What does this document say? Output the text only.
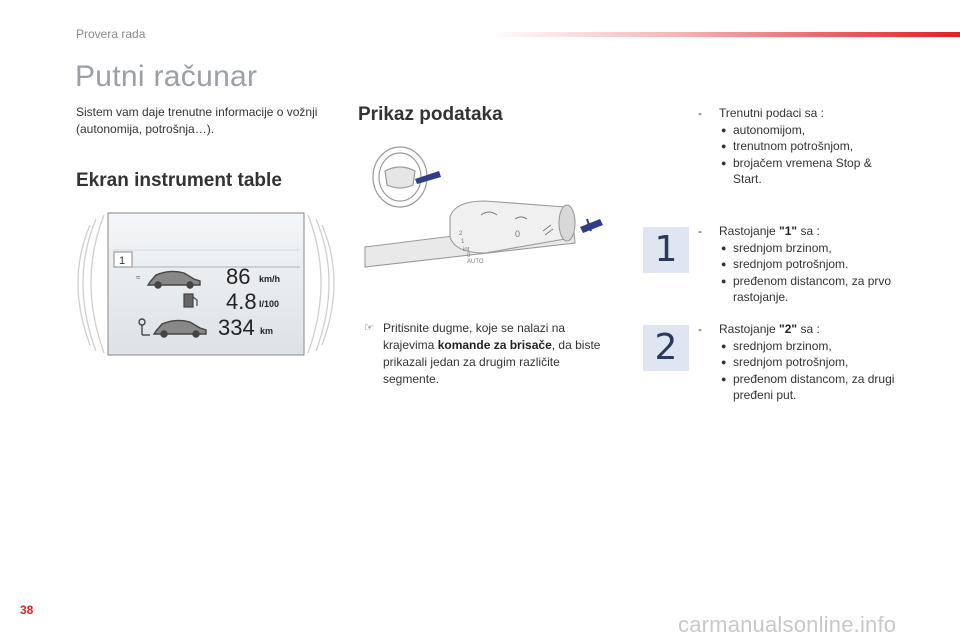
Provera rada
Putni računar
Sistem vam daje trenutne informacije o vožnji (autonomija, potrošnja…).
Ekran instrument table
1
≈	86 km/h
4.8 l/100
334 km
Prikaz podataka
2
1
int
0
AUTO
0
☞ Pritisnite dugme, koje se nalazi na krajevima komande za brisače, da biste prikazali jedan za drugim različite segmente.
-	Trenutni podaci sa :
● autonomijom,
● trenutnom potrošnjom,
● brojačem vremena Stop & Start.
-	Rastojanje "1" sa :
● srednjom brzinom,
● srednjom potrošnjom.
● pređenom distancom, za prvo rastojanje.
1
-	Rastojanje "2" sa :
● srednjom brzinom,
● srednjom potrošnjom,
● pređenom distancom, za drugi pređeni put.
2
38
carmanualsonline.info
